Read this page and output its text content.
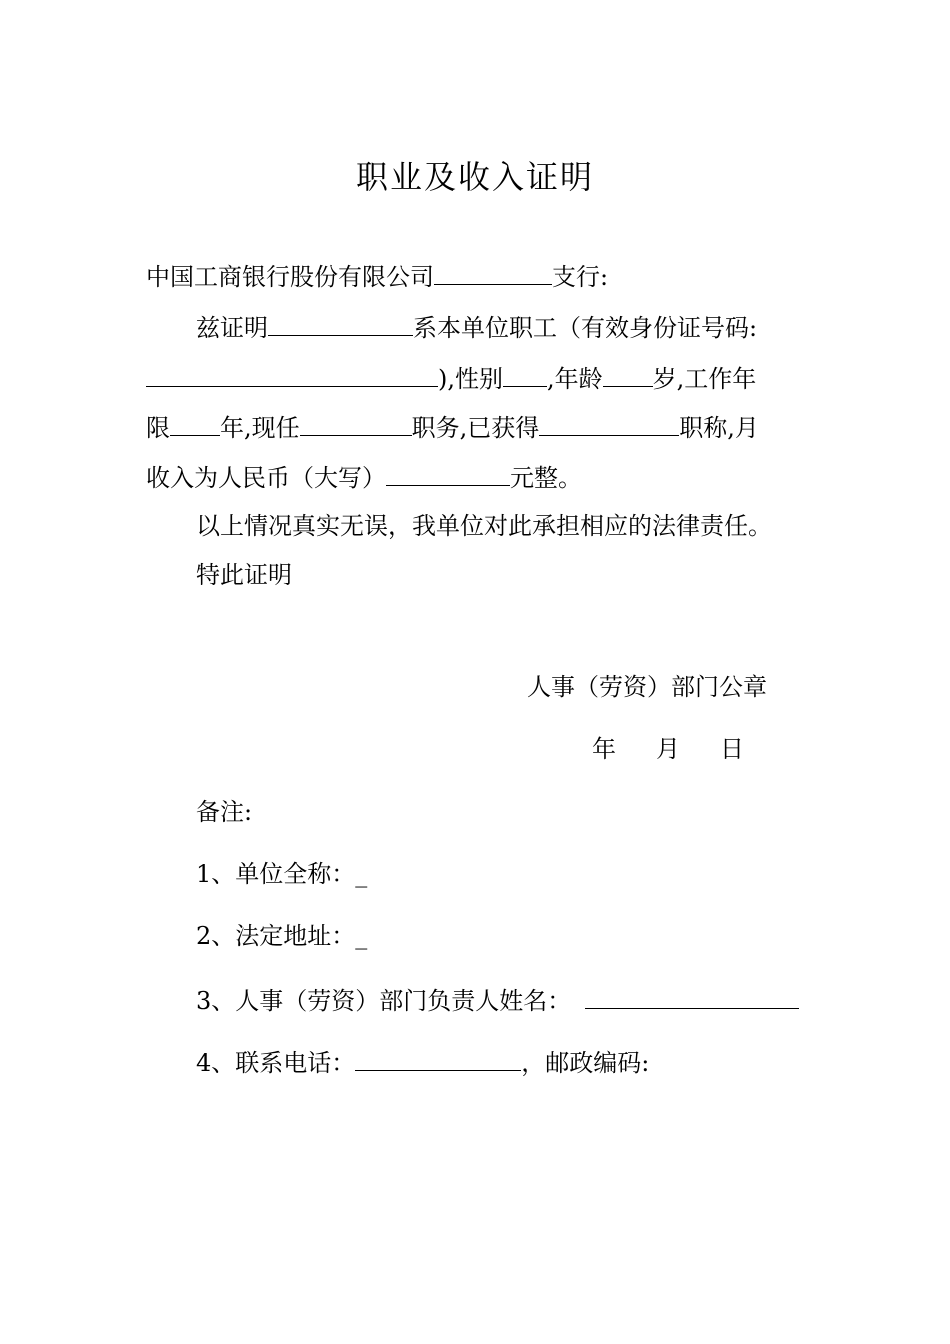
职业及收入证明
中国工商银行股份有限公司	支行:
兹证明	系本单位职工（有效身份证号码:
),性别 ,年龄 岁,工作年
限 年,现任	职务,已获得	职称,月
收入为人民币（大写）	元整。
以上情况真实无误，我单位对此承担相应的法律责任。
特此证明
人事（劳资）部门公章
年 月 日
备注:
1、单位全称：_
2、法定地址：_
3、人事（劳资）部门负责人姓名：
4、联系电话：	，邮政编码:
